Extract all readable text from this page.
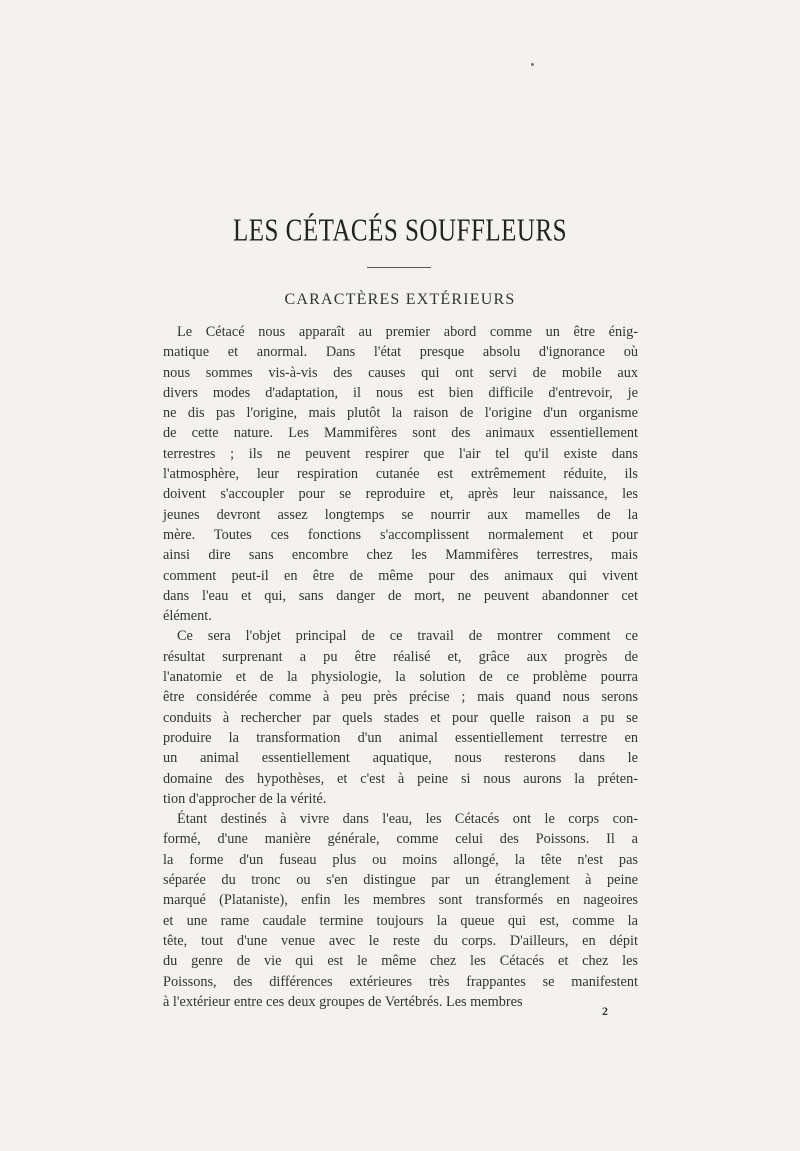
LES CÉTACÉS SOUFFLEURS
CARACTÈRES EXTÉRIEURS

Le Cétacé nous apparaît au premier abord comme un être énig-
matique et anormal. Dans l'état presque absolu d'ignorance où
nous sommes vis-à-vis des causes qui ont servi de mobile aux
divers modes d'adaptation, il nous est bien difficile d'entrevoir, je
ne dis pas l'origine, mais plutôt la raison de l'origine d'un organisme
de cette nature. Les Mammifères sont des animaux essentiellement
terrestres ; ils ne peuvent respirer que l'air tel qu'il existe dans
l'atmosphère, leur respiration cutanée est extrêmement réduite, ils
doivent s'accoupler pour se reproduire et, après leur naissance, les
jeunes devront assez longtemps se nourrir aux mamelles de la
mère. Toutes ces fonctions s'accomplissent normalement et pour
ainsi dire sans encombre chez les Mammifères terrestres, mais
comment peut-il en être de même pour des animaux qui vivent
dans l'eau et qui, sans danger de mort, ne peuvent abandonner cet
élément.

Ce sera l'objet principal de ce travail de montrer comment ce
résultat surprenant a pu être réalisé et, grâce aux progrès de
l'anatomie et de la physiologie, la solution de ce problème pourra
être considérée comme à peu près précise ; mais quand nous serons
conduits à rechercher par quels stades et pour quelle raison a pu se
produire la transformation d'un animal essentiellement terrestre en
un animal essentiellement aquatique, nous resterons dans le
domaine des hypothèses, et c'est à peine si nous aurons la préten-
tion d'approcher de la vérité.

Étant destinés à vivre dans l'eau, les Cétacés ont le corps con-
formé, d'une manière générale, comme celui des Poissons. Il a
la forme d'un fuseau plus ou moins allongé, la tête n'est pas
séparée du tronc ou s'en distingue par un étranglement à peine
marqué (Plataniste), enfin les membres sont transformés en nageoires
et une rame caudale termine toujours la queue qui est, comme la
tête, tout d'une venue avec le reste du corps. D'ailleurs, en dépit
du genre de vie qui est le même chez les Cétacés et chez les
Poissons, des différences extérieures très frappantes se manifestent
à l'extérieur entre ces deux groupes de Vertébrés. Les membres

2
